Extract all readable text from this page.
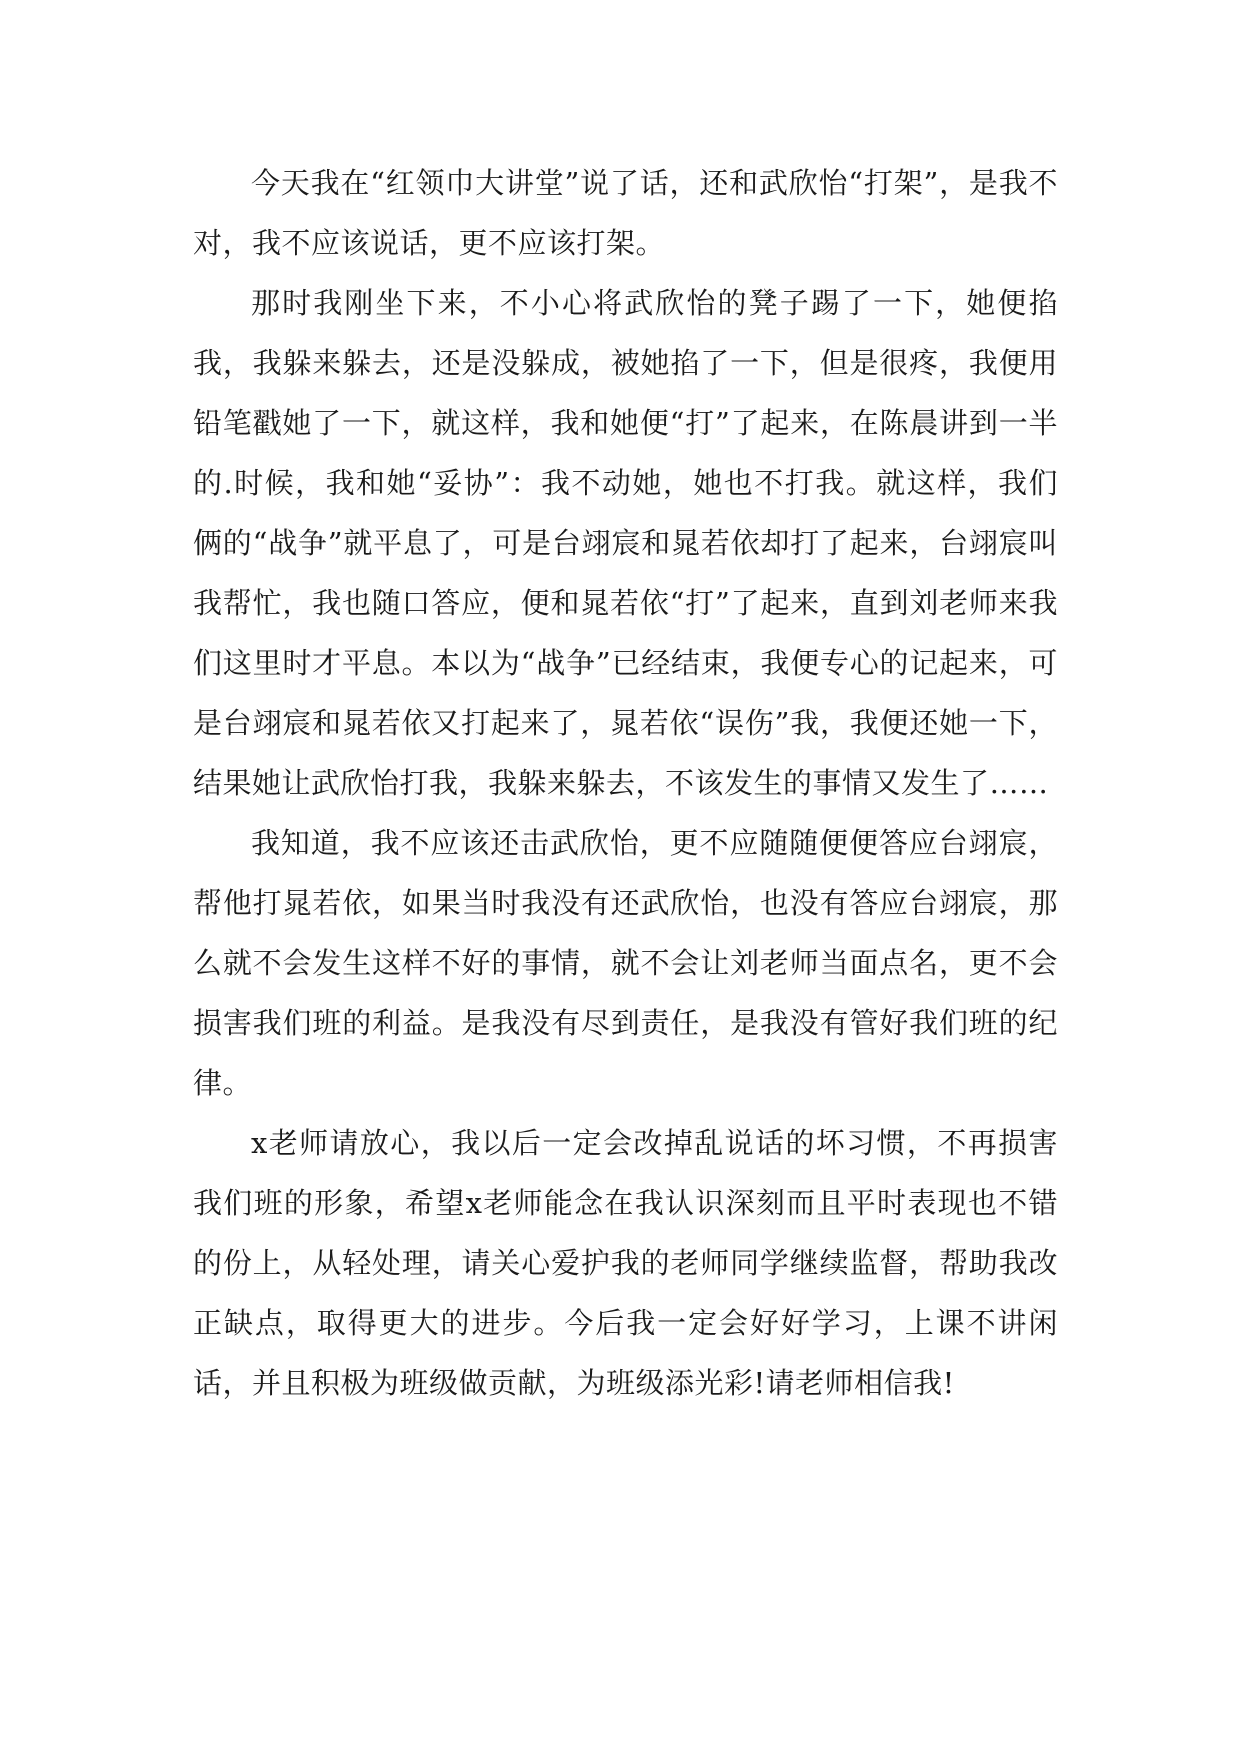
今天我在“红领巾大讲堂”说了话，还和武欣怡“打架”，是我不对，我不应该说话，更不应该打架。

那时我刚坐下来，不小心将武欣怡的凳子踢了一下，她便掐我，我躲来躲去，还是没躲成，被她掐了一下，但是很疼，我便用铅笔戳她了一下，就这样，我和她便“打”了起来，在陈晨讲到一半的.时候，我和她“妥协”：我不动她，她也不打我。就这样，我们俩的“战争”就平息了，可是台翊宸和晁若依却打了起来，台翊宸叫我帮忙，我也随口答应，便和晁若依“打”了起来，直到刘老师来我们这里时才平息。本以为“战争”已经结束，我便专心的记起来，可是台翊宸和晁若依又打起来了，晁若依“误伤”我，我便还她一下，结果她让武欣怡打我，我躲来躲去，不该发生的事情又发生了……

我知道，我不应该还击武欣怡，更不应随随便便答应台翊宸，帮他打晁若依，如果当时我没有还武欣怡，也没有答应台翊宸，那么就不会发生这样不好的事情，就不会让刘老师当面点名，更不会损害我们班的利益。是我没有尽到责任，是我没有管好我们班的纪律。

x老师请放心，我以后一定会改掉乱说话的坏习惯，不再损害我们班的形象，希望x老师能念在我认识深刻而且平时表现也不错的份上，从轻处理，请关心爱护我的老师同学继续监督，帮助我改正缺点，取得更大的进步。今后我一定会好好学习，上课不讲闲话，并且积极为班级做贡献，为班级添光彩!请老师相信我!
